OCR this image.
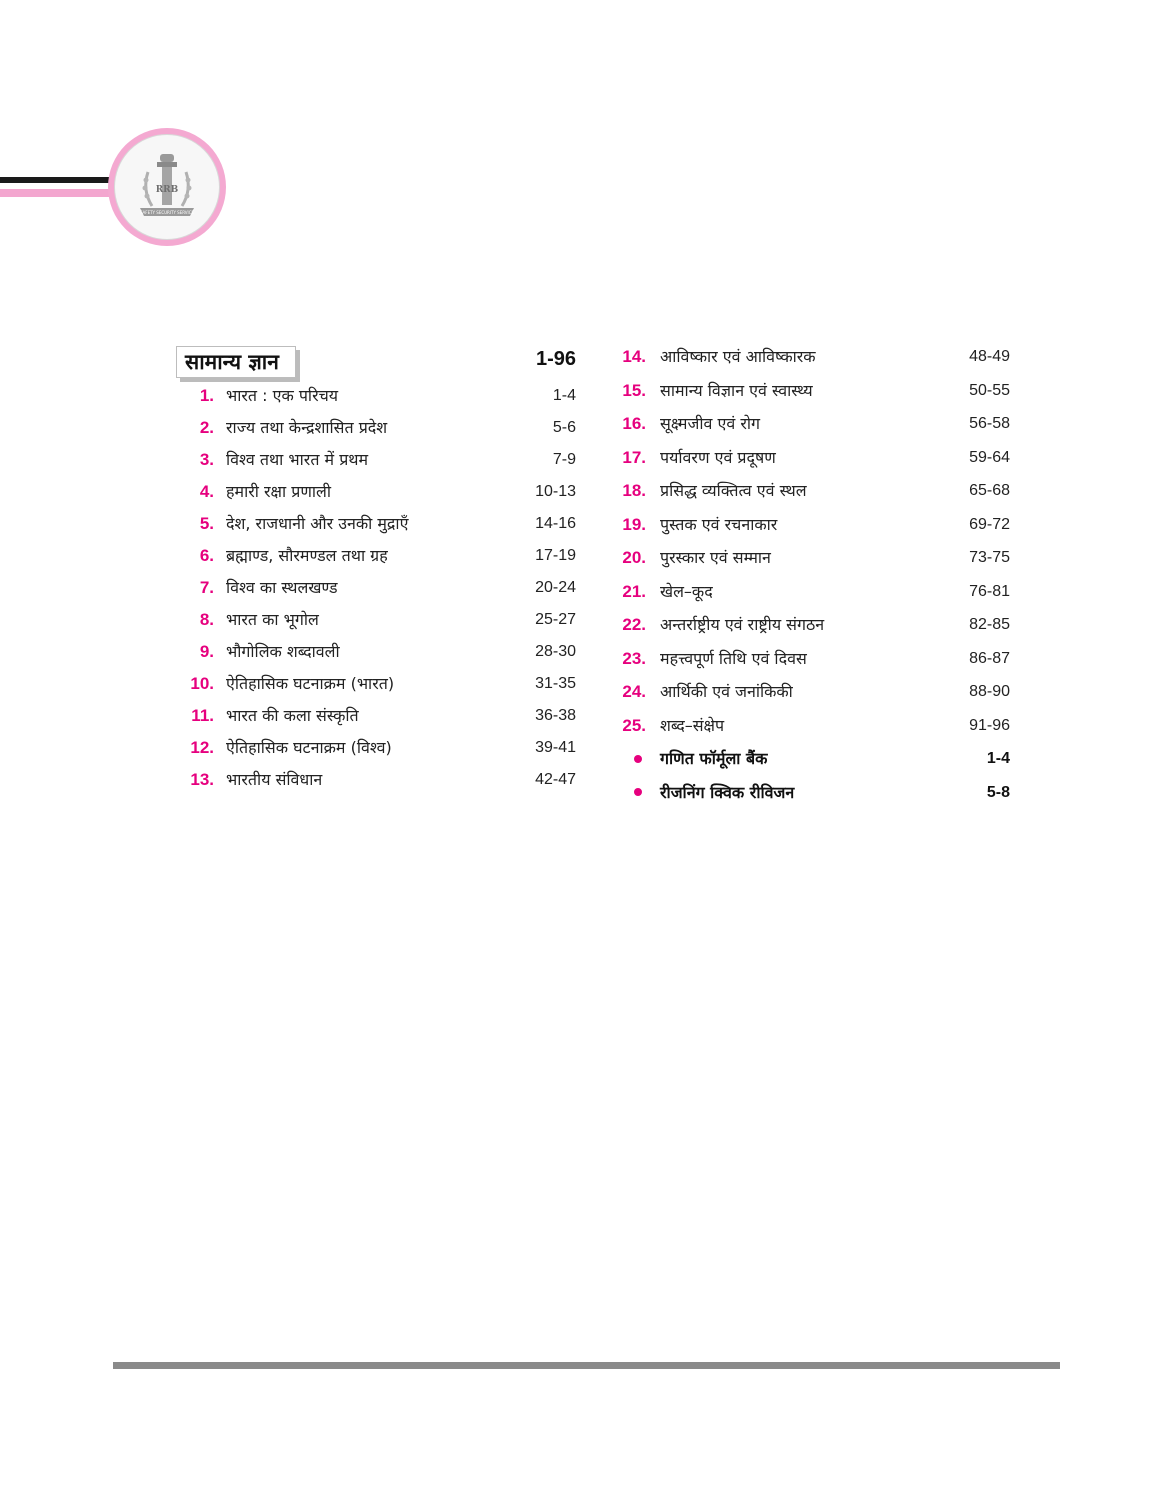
RRB
SAFETY SECURITY SERVICE
सामान्य ज्ञान	1-96
1. भारत : एक परिचय	1-4
2. राज्य तथा केन्द्रशासित प्रदेश	5-6
3. विश्व तथा भारत में प्रथम	7-9
4. हमारी रक्षा प्रणाली	10-13
5. देश, राजधानी और उनकी मुद्राएँ	14-16
6. ब्रह्माण्ड, सौरमण्डल तथा ग्रह	17-19
7. विश्व का स्थलखण्ड	20-24
8. भारत का भूगोल	25-27
9. भौगोलिक शब्दावली	28-30
10. ऐतिहासिक घटनाक्रम (भारत)	31-35
11. भारत की कला संस्कृति	36-38
12. ऐतिहासिक घटनाक्रम (विश्व)	39-41
13. भारतीय संविधान	42-47
14. आविष्कार एवं आविष्कारक	48-49
15. सामान्य विज्ञान एवं स्वास्थ्य	50-55
16. सूक्ष्मजीव एवं रोग	56-58
17. पर्यावरण एवं प्रदूषण	59-64
18. प्रसिद्ध व्यक्तित्व एवं स्थल	65-68
19. पुस्तक एवं रचनाकार	69-72
20. पुरस्कार एवं सम्मान	73-75
21. खेल–कूद	76-81
22. अन्तर्राष्ट्रीय एवं राष्ट्रीय संगठन	82-85
23. महत्त्वपूर्ण तिथि एवं दिवस	86-87
24. आर्थिकी एवं जनांकिकी	88-90
25. शब्द–संक्षेप	91-96
गणित फॉर्मूला बैंक	1-4
रीजनिंग क्विक रीविजन	5-8
